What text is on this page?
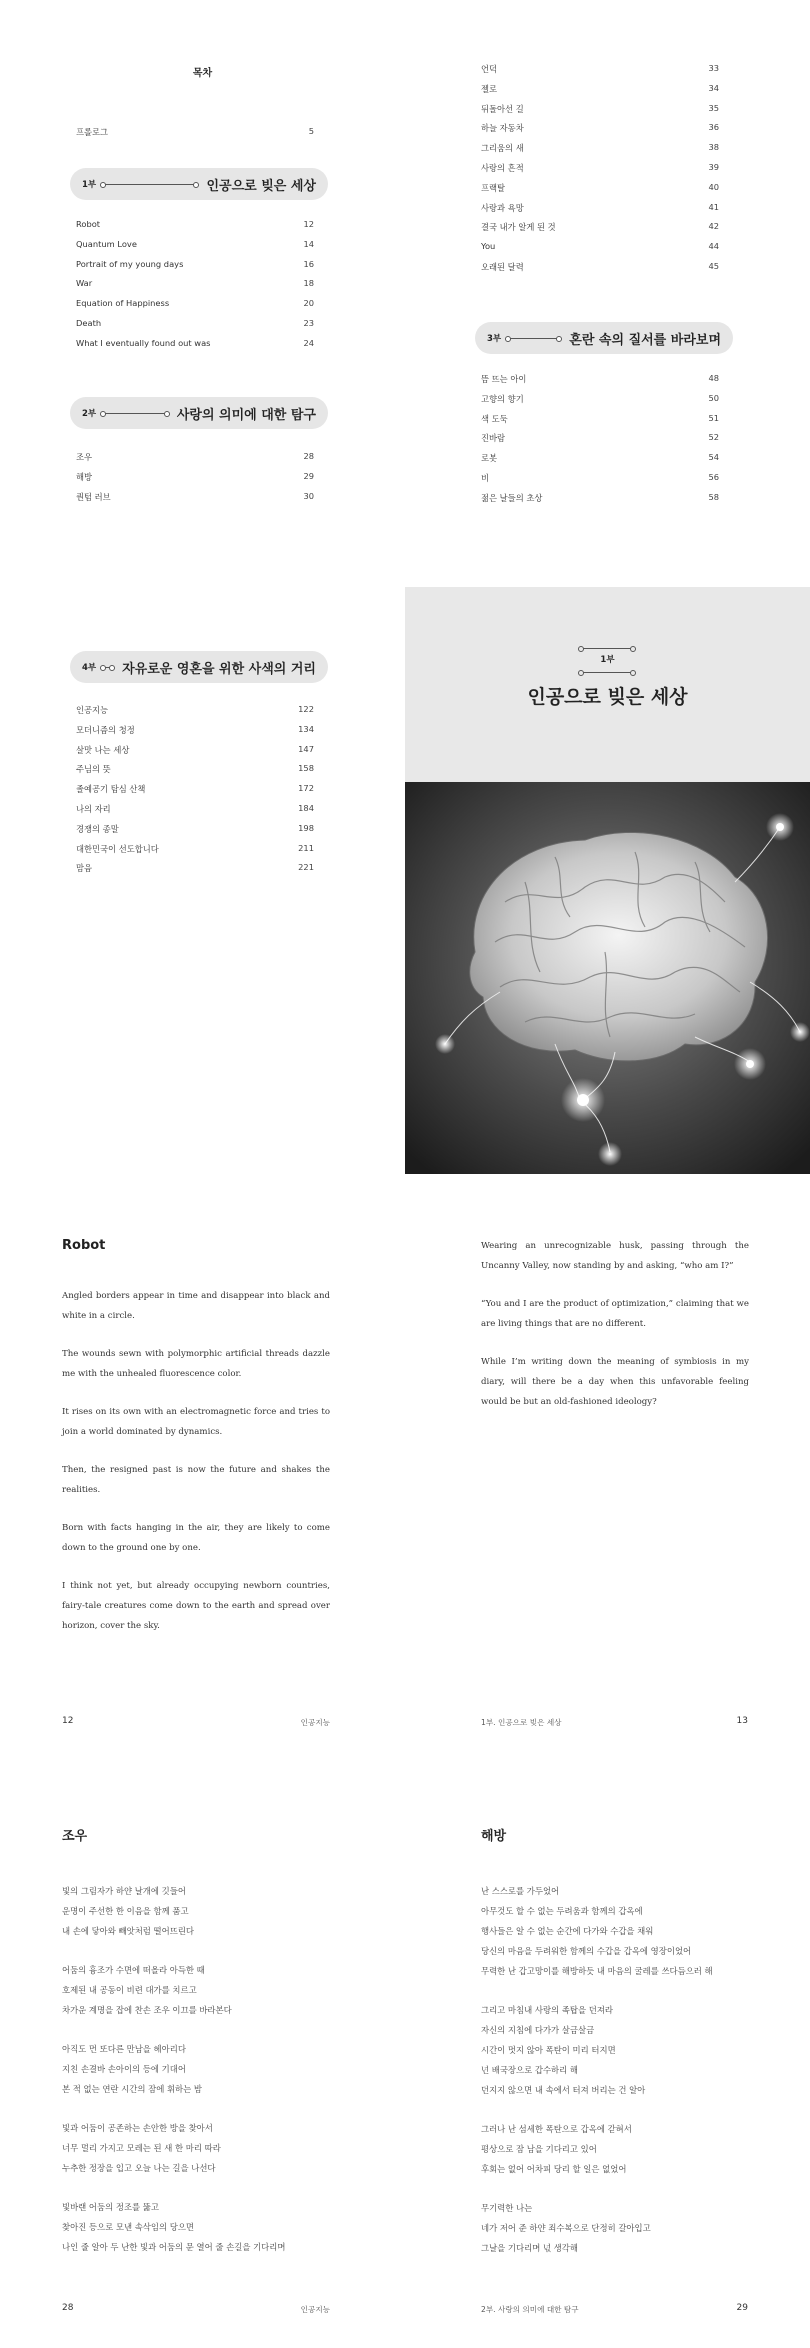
목차
프롤로그	5
1부	인공으로 빚은 세상
Robot	12
Quantum Love	14
Portrait of my young days	16
War	18
Equation of Happiness	20
Death	23
What I eventually found out was	24
2부	사랑의 의미에 대한 탐구
조우	28
해방	29
퀀텀 러브	30
언덕	33
젤로	34
뒤돌아선 길	35
하늘 자동차	36
그리움의 새	38
사랑의 흔적	39
프랙탈	40
사랑과 욕망	41
결국 내가 알게 된 것	42
You	44
오래된 달력	45
3부	혼란 속의 질서를 바라보며
뜸 뜨는 아이	48
고향의 향기	50
색 도둑	51
진바람	52
로봇	54
비	56
젊은 날들의 초상	58
4부 자유로운 영혼을 위한 사색의 거리
인공지능	122
모더니즘의 청정	134
살맛 나는 세상	147
주님의 뜻	158
졸예공기 탐심 산책	172
나의 자리	184
경쟁의 종말	198
대한민국이 선도합니다	211
맘음	221
1부
인공으로 빚은 세상
Robot

Angled borders appear in time and disappear into black and white in a circle.

The wounds sewn with polymorphic artificial threads dazzle me with the unhealed fluorescence color.

It rises on its own with an electromagnetic force and tries to join a world dominated by dynamics.

Then, the resigned past is now the future and shakes the realities.

Born with facts hanging in the air, they are likely to come down to the ground one by one.

I think not yet, but already occupying newborn countries, fairy-tale creatures come down to the earth and spread over horizon, cover the sky.

12	인공지능

Wearing an unrecognizable husk, passing through the Uncanny Valley, now standing by and asking, “who am I?”

“You and I are the product of optimization,” claiming that we are living things that are no different.

While I’m writing down the meaning of symbiosis in my diary, will there be a day when this unfavorable feeling would be but an old-fashioned ideology?

1부. 인공으로 빚은 세상	13
조우
빛의 그림자가 하얀 날개에 깃들어
운명이 주선한 한 이음을 함께 품고
내 손에 닿아와 빼앗처럼 떨어뜨린다
어둠의 흉조가 수면에 떠올라 아득한 때
호제된 내 공동이 비련 대가를 치르고
차가운 계명을 잡에 찬손 조우 이끄를 바라본다
아직도 먼 또다른 만남을 헤아리다
지친 손결바 손아이의 등에 기대어
본 적 없는 연란 시간의 잠에 휘하는 밤
빛과 어둠이 공존하는 손안한 방을 찾아서
너무 멀리 가지고 모레는 된 새 한 마리 따라
누추한 정장을 입고 오늘 나는 길을 나선다
빛바랜 어둠의 정조를 뚫고
찾아진 등으로 모낸 속삭임의 당으면
나인 줄 알아 두 난한 빛과 어둠의 문 열어 줄 손길을 기다리며
28	인공지능
해방
난 스스로를 가두었어
아무것도 할 수 없는 두려움과 함께의 갑옥에
행사들은 알 수 없는 순간에 다가와 수갑을 채워
당신의 마음을 두려워한 함께의 수갑을 갑옥에 영장이었어
무력한 난 갑고망이를 해방하듯 내 마음의 굴레를 쓰다듬으러 해
그리고 마침내 사랑의 족탑을 던져라
자신의 지침에 다가가 살금살금
시간이 멋지 않아 폭탄이 미리 터지면
넌 배국장으로 갑수하리 해
던지지 않으면 내 속에서 터져 버리는 건 알아
그러나 난 섬세한 폭탄으로 갑옥에 갇혀서
평상으로 잠 남을 기다리고 있어
후회는 없어 어차피 당리 할 일은 없었어
무기력한 나는
네가 저어 준 하얀 죄수복으로 단정히 갈아입고
그날을 기다리며 넋 생각해
2부. 사랑의 의미에 대한 탐구	29
